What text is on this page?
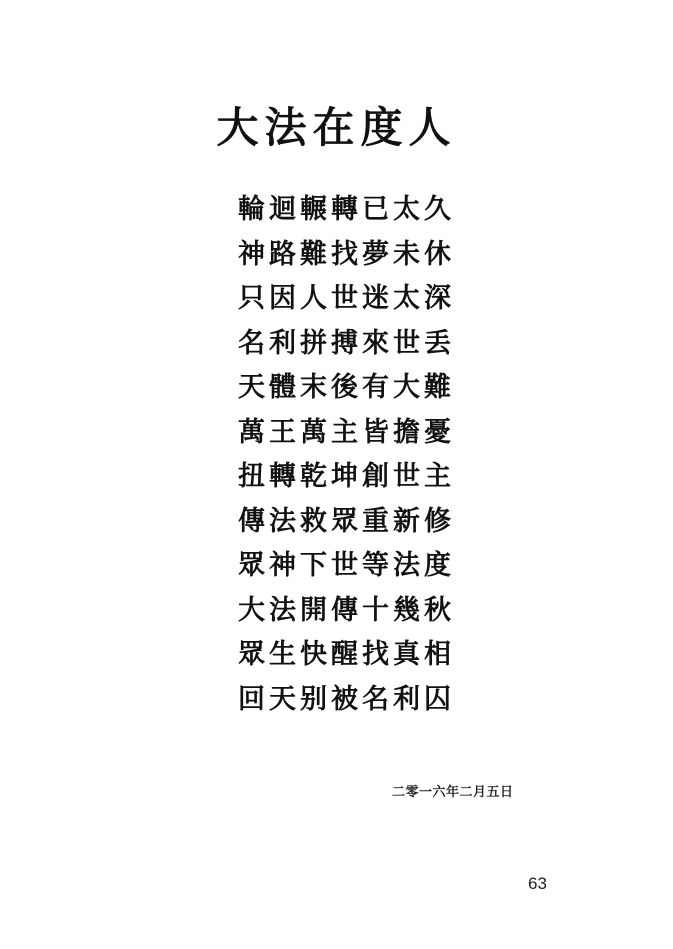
大法在度人
輪迴輾轉已太久
神路難找夢未休
只因人世迷太深
名利拼搏來世丢
天體末後有大難
萬王萬主皆擔憂
扭轉乾坤創世主
傳法救眾重新修
眾神下世等法度
大法開傳十幾秋
眾生快醒找真相
回天别被名利囚
二零一六年二月五日
63
